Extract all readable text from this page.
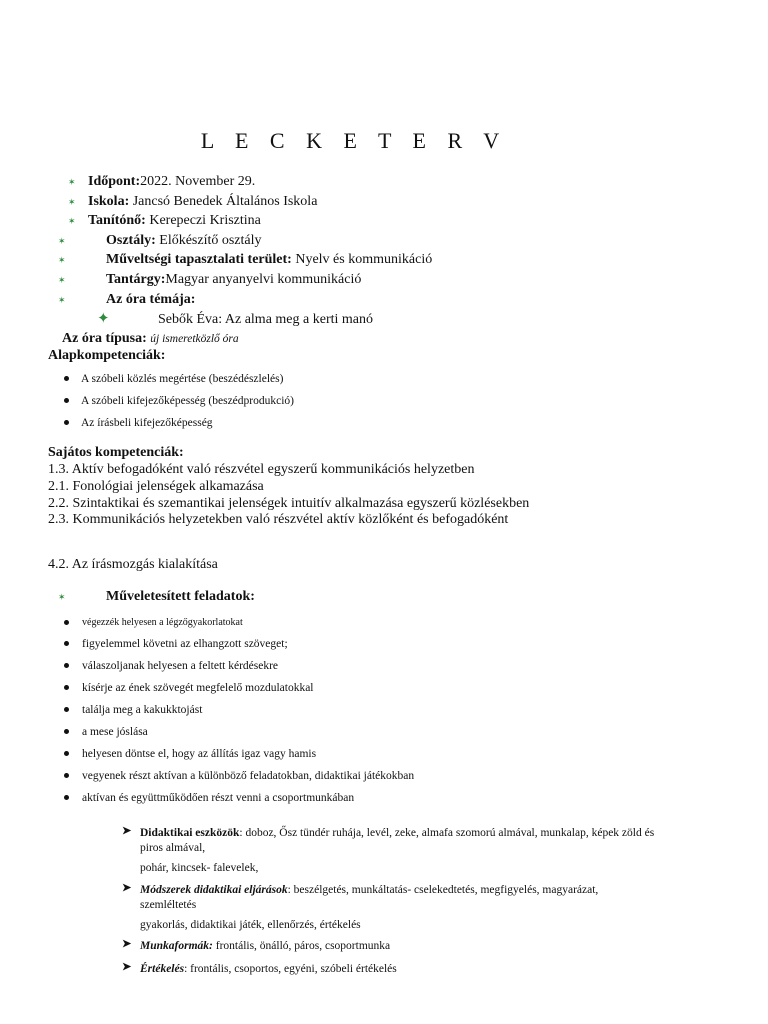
L E C K E T E R V
✶ Időpont:2022. November 29.
✶ Iskola: Jancsó Benedek Általános Iskola
✶ Tanítónő: Kerepeczi Krisztina
✶	Osztály: Előkészítő osztály
✶	Műveltségi tapasztalati terület: Nyelv és kommunikáció
✶	Tantárgy:Magyar anyanyelvi kommunikáció
✶	Az óra témája:
✦	Sebők Éva: Az alma meg a kerti manó
Az óra típusa: új ismeretközlő óra
Alapkompetenciák:
A szóbeli közlés megértése (beszédészlelés)
A szóbeli kifejezőképesség (beszédprodukció)
Az írásbeli kifejezőképesség
Sajátos kompetenciák:
1.3. Aktív befogadóként való részvétel egyszerű kommunikációs helyzetben
2.1. Fonológiai jelenségek alkamazása
2.2. Szintaktikai és szemantikai jelenségek intuitív alkalmazása egyszerű közlésekben
2.3. Kommunikációs helyzetekben való részvétel aktív közlőként és befogadóként
4.2. Az írásmozgás kialakítása
✶	Műveletesített feladatok:
végezzék helyesen a légzőgyakorlatokat
figyelemmel követni az elhangzott szöveget;
válaszoljanak helyesen a feltett kérdésekre
kísérje az ének szövegét megfelelő mozdulatokkal
találja meg a kakukktojást
a mese jóslása
helyesen döntse el, hogy az állítás igaz vagy hamis
vegyenek részt aktívan a különböző feladatokban, didaktikai játékokban
aktívan és együttműködően részt venni a csoportmunkában
➤ Didaktikai eszközök: doboz, Ősz tündér ruhája, levél, zeke, almafa szomorú almával, munkalap, képek zöld és
piros almával,
pohár, kincsek- falevelek,
➤ Módszerek didaktikai eljárások: beszélgetés, munkáltatás- cselekedtetés, megfigyelés, magyarázat,
szemléltetés
gyakorlás, didaktikai játék, ellenőrzés, értékelés
➤ Munkaformák: frontális, önálló, páros, csoportmunka
➤ Értékelés: frontális, csoportos, egyéni, szóbeli értékelés
